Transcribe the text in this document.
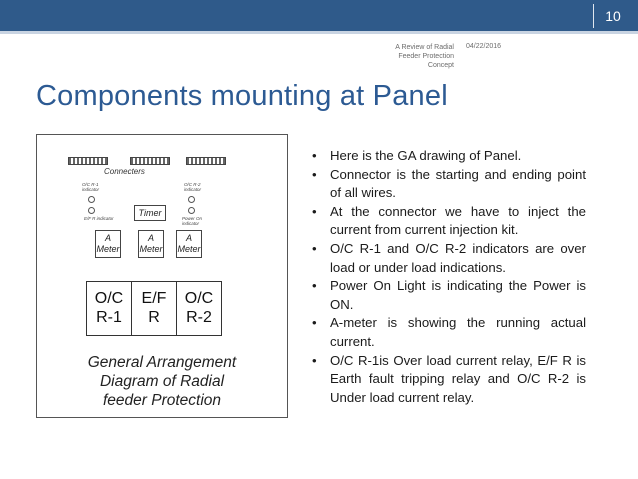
10
A Review of Radial Feeder Protection Concept
04/22/2016
Components mounting at Panel
Connecters
O/C R-1 indicator
O/C R-2 indicator
E/F R indicator	Power On indicator
Timer
A
Meter
A
Meter
A
Meter
O/C
R-1
E/F
R
O/C
R-2
General Arrangement
Diagram of Radial
feeder Protection
• Here is the GA drawing of Panel.
• Connector is the starting and ending point of all wires.
• At the connector we have to inject the current from current injection kit.
• O/C R-1 and O/C R-2 indicators are over load or under load indications.
• Power On Light is indicating the Power is ON.
• A-meter is showing the running actual current.
• O/C R-1is Over load current relay, E/F R is Earth fault tripping relay and O/C R-2 is Under load current relay.
